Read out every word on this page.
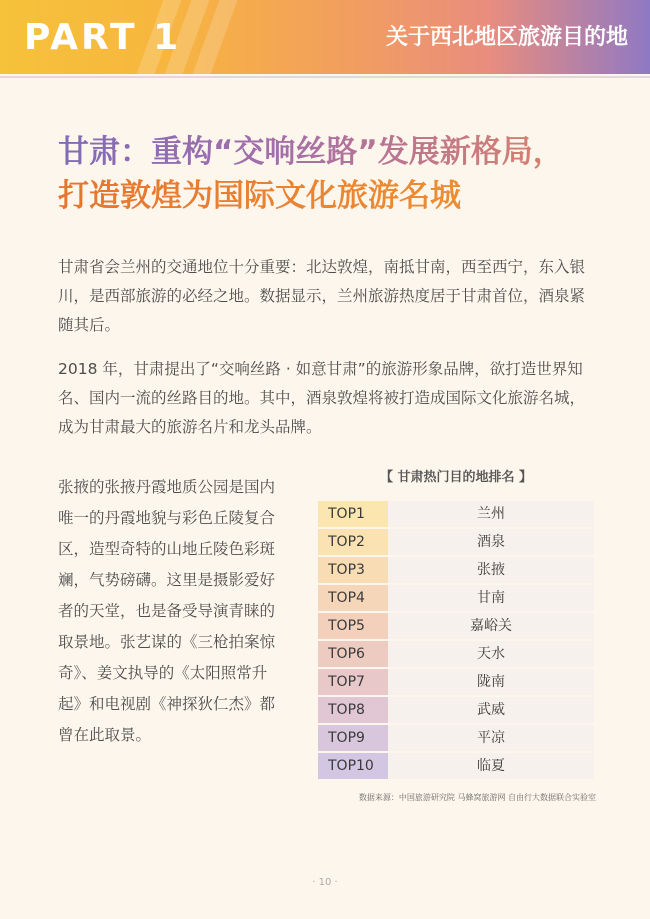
PART 1	关于西北地区旅游目的地
甘肃：重构“交响丝路”发展新格局，
打造敦煌为国际文化旅游名城

甘肃省会兰州的交通地位十分重要：北达敦煌，南抵甘南，西至西宁，东入银川，是西部旅游的必经之地。数据显示，兰州旅游热度居于甘肃首位，酒泉紧随其后。

2018 年，甘肃提出了“交响丝路 · 如意甘肃”的旅游形象品牌，欲打造世界知名、国内一流的丝路目的地。其中，酒泉敦煌将被打造成国际文化旅游名城，成为甘肃最大的旅游名片和龙头品牌。

张掖的张掖丹霞地质公园是国内唯一的丹霞地貌与彩色丘陵复合区，造型奇特的山地丘陵色彩斑斓，气势磅礴。这里是摄影爱好者的天堂，也是备受导演青睐的取景地。张艺谋的《三枪拍案惊奇》、姜文执导的《太阳照常升起》和电视剧《神探狄仁杰》都曾在此取景。

【 甘肃热门目的地排名 】
TOP1	兰州
TOP2	酒泉
TOP3	张掖
TOP4	甘南
TOP5	嘉峪关
TOP6	天水
TOP7	陇南
TOP8	武威
TOP9	平凉
TOP10	临夏
数据来源：中国旅游研究院 马蜂窝旅游网 自由行大数据联合实验室
· 10 ·
